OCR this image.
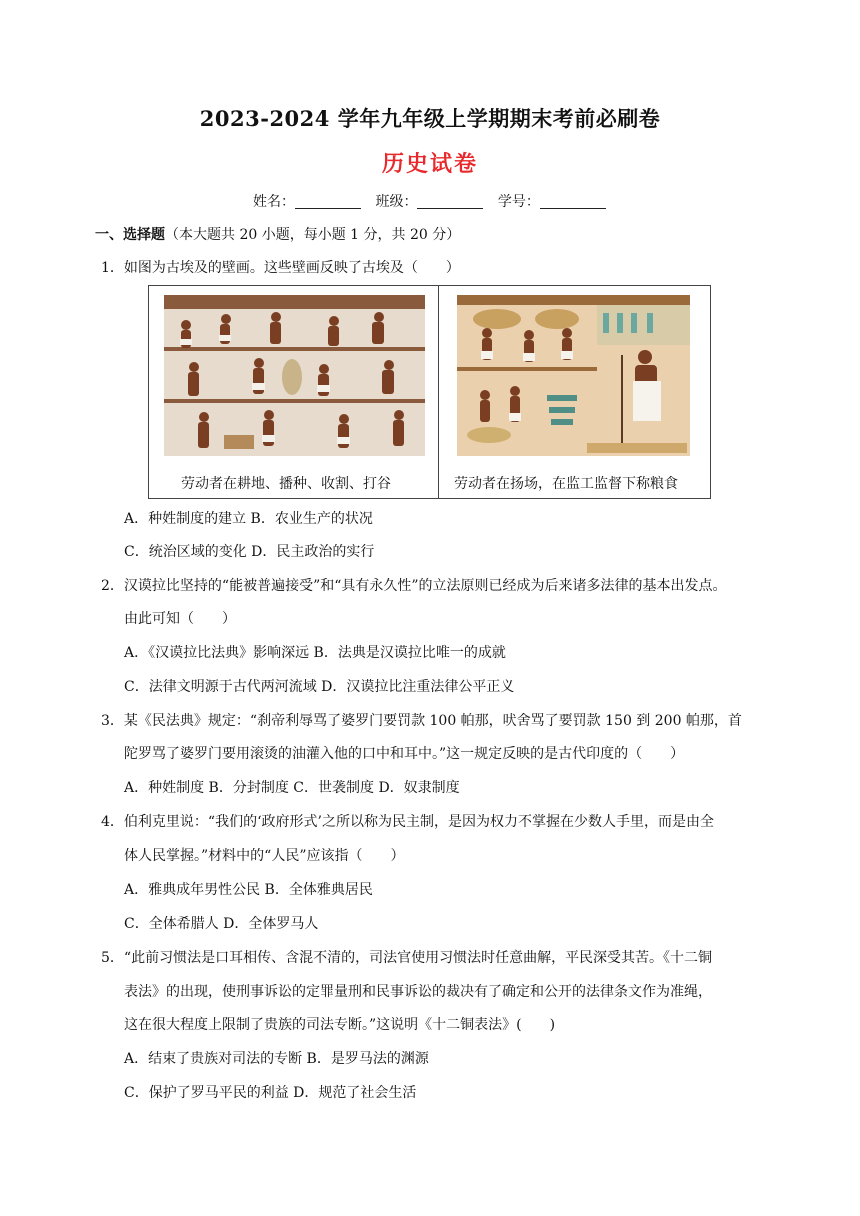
2023-2024 学年九年级上学期期末考前必刷卷
历史试卷
姓名：	班级：	学号：
一、选择题（本大题共 20 小题，每小题 1 分，共 20 分）
1．如图为古埃及的壁画。这些壁画反映了古埃及（　　）
劳动者在耕地、播种、收割、打谷	劳动者在扬场，在监工监督下称粮食
A．种姓制度的建立 B．农业生产的状况
C．统治区域的变化 D．民主政治的实行
2．汉谟拉比坚持的“能被普遍接受”和“具有永久性”的立法原则已经成为后来诸多法律的基本出发点。
由此可知（　　）
A．《汉谟拉比法典》影响深远 B．法典是汉谟拉比唯一的成就
C．法律文明源于古代两河流域 D．汉谟拉比注重法律公平正义
3．某《民法典》规定：“刹帝利辱骂了婆罗门要罚款 100 帕那，吠舍骂了要罚款 150 到 200 帕那，首
陀罗骂了婆罗门要用滚烫的油灌入他的口中和耳中。”这一规定反映的是古代印度的（　　）
A．种姓制度 B．分封制度 C．世袭制度 D．奴隶制度
4．伯利克里说：“我们的‘政府形式’之所以称为民主制，是因为权力不掌握在少数人手里，而是由全
体人民掌握。”材料中的“人民”应该指（　　）
A．雅典成年男性公民 B．全体雅典居民
C．全体希腊人 D．全体罗马人
5．“此前习惯法是口耳相传、含混不清的，司法官使用习惯法时任意曲解，平民深受其苦。《十二铜
表法》的出现，使刑事诉讼的定罪量刑和民事诉讼的裁决有了确定和公开的法律条文作为准绳，
这在很大程度上限制了贵族的司法专断。”这说明《十二铜表法》(　　)
A．结束了贵族对司法的专断 B．是罗马法的渊源
C．保护了罗马平民的利益 D．规范了社会生活
